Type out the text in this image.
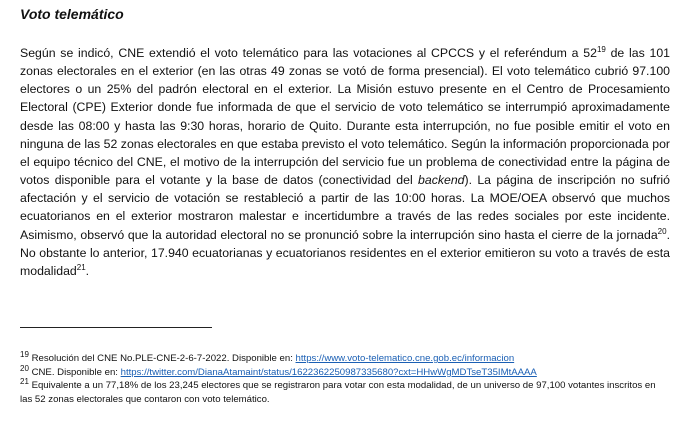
Voto telemático

Según se indicó, CNE extendió el voto telemático para las votaciones al CPCCS y el referéndum a $52^{19}$ de las 101 zonas electorales en el exterior (en las otras 49 zonas se votó de forma presencial). El voto telemático cubrió 97.100 electores o un 25% del padrón electoral en el exterior. La Misión estuvo presente en el Centro de Procesamiento Electoral (CPE) Exterior donde fue informada de que el servicio de voto telemático se interrumpió aproximadamente desde las 08:00 y hasta las 9:30 horas, horario de Quito. Durante esta interrupción, no fue posible emitir el voto en ninguna de las 52 zonas electorales en que estaba previsto el voto telemático. Según la información proporcionada por el equipo técnico del CNE, el motivo de la interrupción del servicio fue un problema de conectividad entre la página de votos disponible para el votante y la base de datos (conectividad del backend). La página de inscripción no sufrió afectación y el servicio de votación se restableció a partir de las 10:00 horas. La MOE/OEA observó que muchos ecuatorianos en el exterior mostraron malestar e incertidumbre a través de las redes sociales por este incidente. Asimismo, observó que la autoridad electoral no se pronunció sobre la interrupción sino hasta el cierre de la jornada$^{20}$. No obstante lo anterior, 17.940 ecuatorianas y ecuatorianos residentes en el exterior emitieron su voto a través de esta modalidad$^{21}$.

$^{19}$ Resolución del CNE No.PLE-CNE-2-6-7-2022. Disponible en: https://www.voto-telematico.cne.gob.ec/informacion

$^{20}$ CNE. Disponible en: https://twitter.com/DianaAtamaint/status/1622362250987335680?cxt=HHwWgMDTseT35IMtAAAA

$^{21}$ Equivalente a un 77,18% de los 23,245 electores que se registraron para votar con esta modalidad, de un universo de 97,100 votantes inscritos en las 52 zonas electorales que contaron con voto telemático.
